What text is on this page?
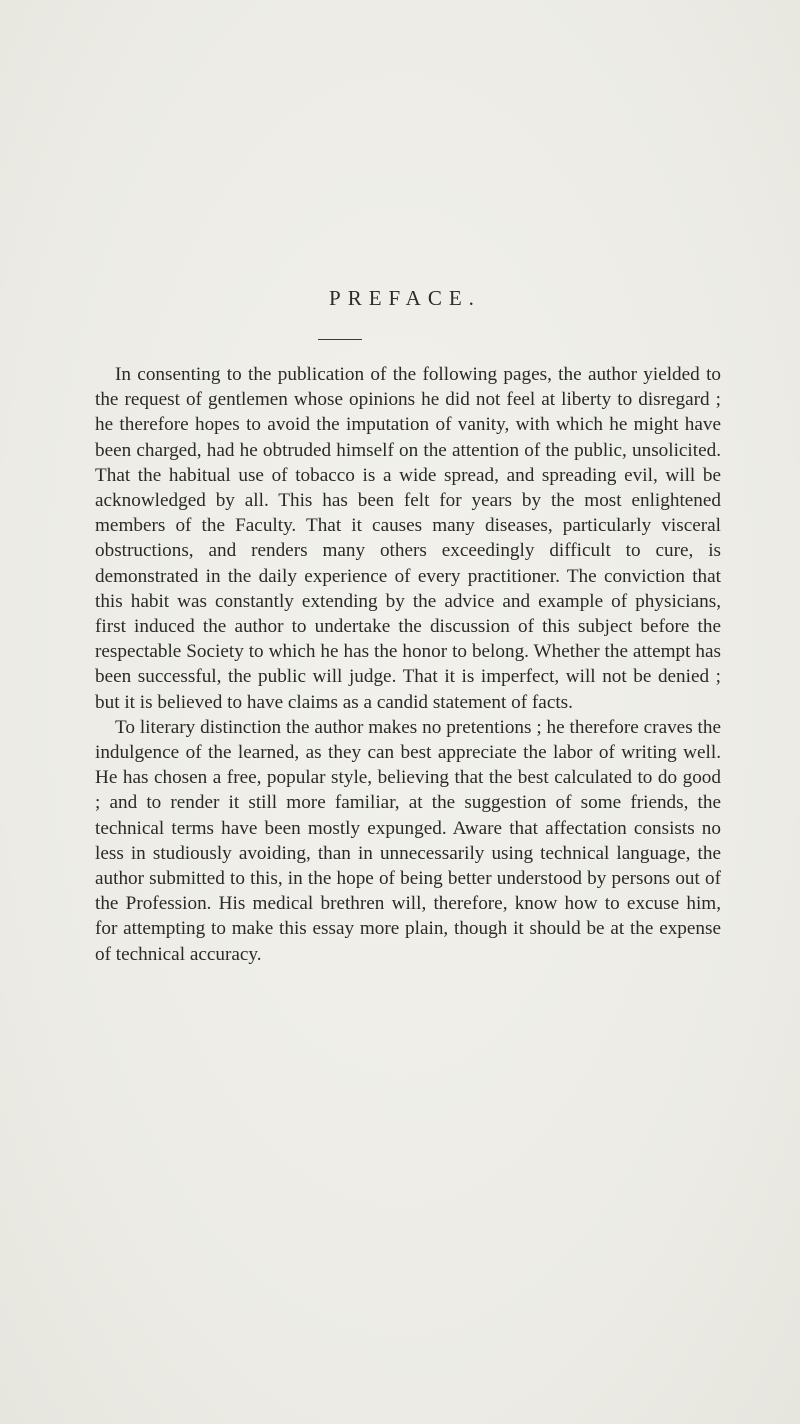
PREFACE.

In consenting to the publication of the following pages, the author yielded to the request of gentlemen whose opinions he did not feel at liberty to disregard ; he therefore hopes to avoid the imputation of vanity, with which he might have been charged, had he obtruded himself on the attention of the public, unsolicited. That the habitual use of tobacco is a wide spread, and spreading evil, will be acknowledged by all. This has been felt for years by the most enlightened members of the Faculty. That it causes many diseases, particularly visceral obstructions, and renders many others exceedingly difficult to cure, is demonstrated in the daily experience of every practitioner. The conviction that this habit was constantly extending by the advice and example of physicians, first induced the author to undertake the discussion of this subject before the respectable Society to which he has the honor to belong. Whether the attempt has been successful, the public will judge. That it is imperfect, will not be denied ; but it is believed to have claims as a candid statement of facts.

To literary distinction the author makes no pretentions ; he therefore craves the indulgence of the learned, as they can best appreciate the labor of writing well. He has chosen a free, popular style, believing that the best calculated to do good ; and to render it still more familiar, at the suggestion of some friends, the technical terms have been mostly expunged. Aware that affectation consists no less in studiously avoiding, than in unnecessarily using technical language, the author submitted to this, in the hope of being better understood by persons out of the Profession. His medical brethren will, therefore, know how to excuse him, for attempting to make this essay more plain, though it should be at the expense of technical accuracy.
